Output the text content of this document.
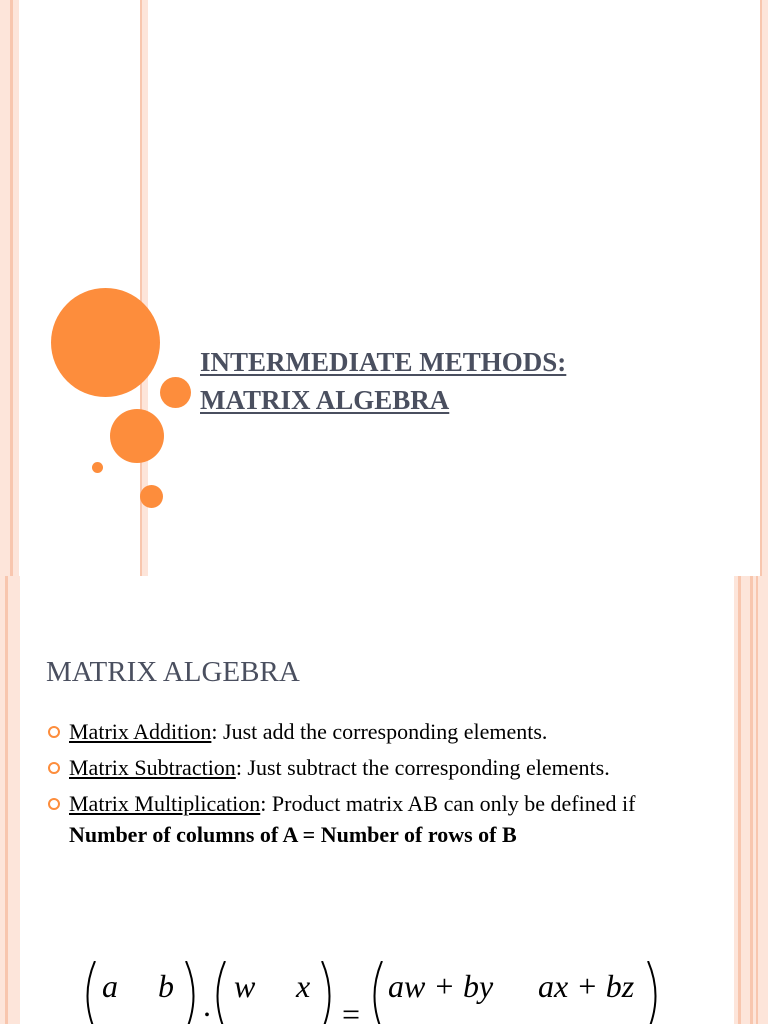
INTERMEDIATE METHODS:
MATRIX ALGEBRA
MATRIX ALGEBRA
Matrix Addition: Just add the corresponding elements.
Matrix Subtraction: Just subtract the corresponding elements.
Matrix Multiplication: Product matrix AB can only be defined if Number of columns of A = Number of rows of B
a b
.
w x
=
aw + by ax + bz
